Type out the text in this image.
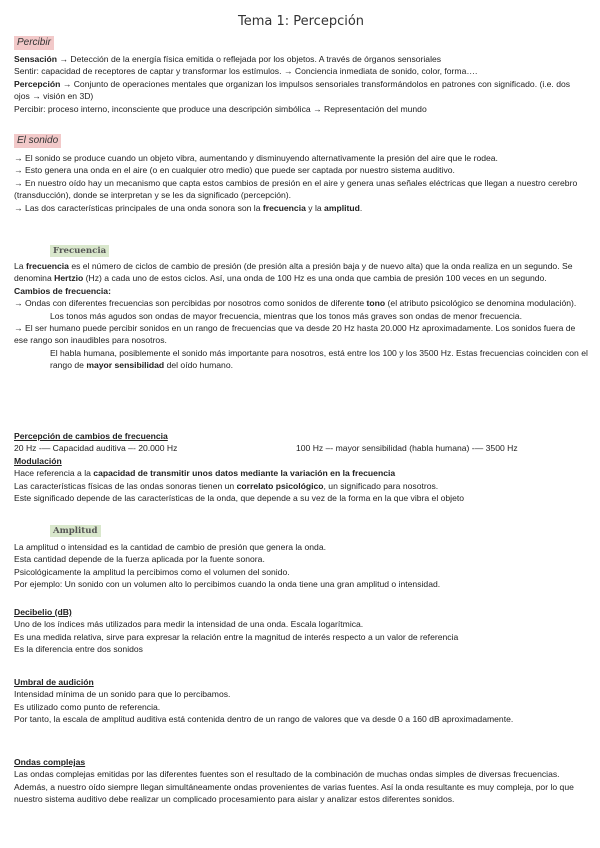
Tema 1: Percepción
Percibir

Sensación → Detección de la energía física emitida o reflejada por los objetos. A través de órganos sensoriales

Sentir: capacidad de receptores de captar y transformar los estímulos. → Conciencia inmediata de sonido, color, forma….

Percepción → Conjunto de operaciones mentales que organizan los impulsos sensoriales transformándolos en patrones con significado. (i.e. dos ojos → visión en 3D)

Percibir: proceso interno, inconsciente que produce una descripción simbólica → Representación del mundo

El sonido

→ El sonido se produce cuando un objeto vibra, aumentando y disminuyendo alternativamente la presión del aire que le rodea.

→ Esto genera una onda en el aire (o en cualquier otro medio) que puede ser captada por nuestro sistema auditivo.

→ En nuestro oído hay un mecanismo que capta estos cambios de presión en el aire y genera unas señales eléctricas que llegan a nuestro cerebro (transducción), donde se interpretan y se les da significado (percepción).

→ Las dos características principales de una onda sonora son la frecuencia y la amplitud.

Frecuencia

La frecuencia es el número de ciclos de cambio de presión (de presión alta a presión baja y de nuevo alta) que la onda realiza en un segundo. Se denomina Hertzio (Hz) a cada uno de estos ciclos. Así, una onda de 100 Hz es una onda que cambia de presión 100 veces en un segundo.

Cambios de frecuencia:

→ Ondas con diferentes frecuencias son percibidas por nosotros como sonidos de diferente tono (el atributo psicológico se denomina modulación).

Los tonos más agudos son ondas de mayor frecuencia, mientras que los tonos más graves son ondas de menor frecuencia.

→ El ser humano puede percibir sonidos en un rango de frecuencias que va desde 20 Hz hasta 20.000 Hz aproximadamente. Los sonidos fuera de ese rango son inaudibles para nosotros.

El habla humana, posiblemente el sonido más importante para nosotros, está entre los 100 y los 3500 Hz. Estas frecuencias coinciden con el rango de mayor sensibilidad del oído humano.

Percepción de cambios de frecuencia

20 Hz -— Capacidad auditiva –- 20.000 Hz	100 Hz –- mayor sensibilidad (habla humana) -— 3500 Hz

Modulación

Hace referencia a la capacidad de transmitir unos datos mediante la variación en la frecuencia

Las características físicas de las ondas sonoras tienen un correlato psicológico, un significado para nosotros.

Este significado depende de las características de la onda, que depende a su vez de la forma en la que vibra el objeto

Amplitud

La amplitud o intensidad es la cantidad de cambio de presión que genera la onda.

Esta cantidad depende de la fuerza aplicada por la fuente sonora.

Psicológicamente la amplitud la percibimos como el volumen del sonido.

Por ejemplo: Un sonido con un volumen alto lo percibimos cuando la onda tiene una gran amplitud o intensidad.

Decibelio (dB)

Uno de los índices más utilizados para medir la intensidad de una onda. Escala logarítmica.

Es una medida relativa, sirve para expresar la relación entre la magnitud de interés respecto a un valor de referencia

Es la diferencia entre dos sonidos

Umbral de audición

Intensidad mínima de un sonido para que lo percibamos.

Es utilizado como punto de referencia.

Por tanto, la escala de amplitud auditiva está contenida dentro de un rango de valores que va desde 0 a 160 dB aproximadamente.

Ondas complejas

Las ondas complejas emitidas por las diferentes fuentes son el resultado de la combinación de muchas ondas simples de diversas frecuencias. Además, a nuestro oído siempre llegan simultáneamente ondas provenientes de varias fuentes. Así la onda resultante es muy compleja, por lo que nuestro sistema auditivo debe realizar un complicado procesamiento para aislar y analizar estos diferentes sonidos.
